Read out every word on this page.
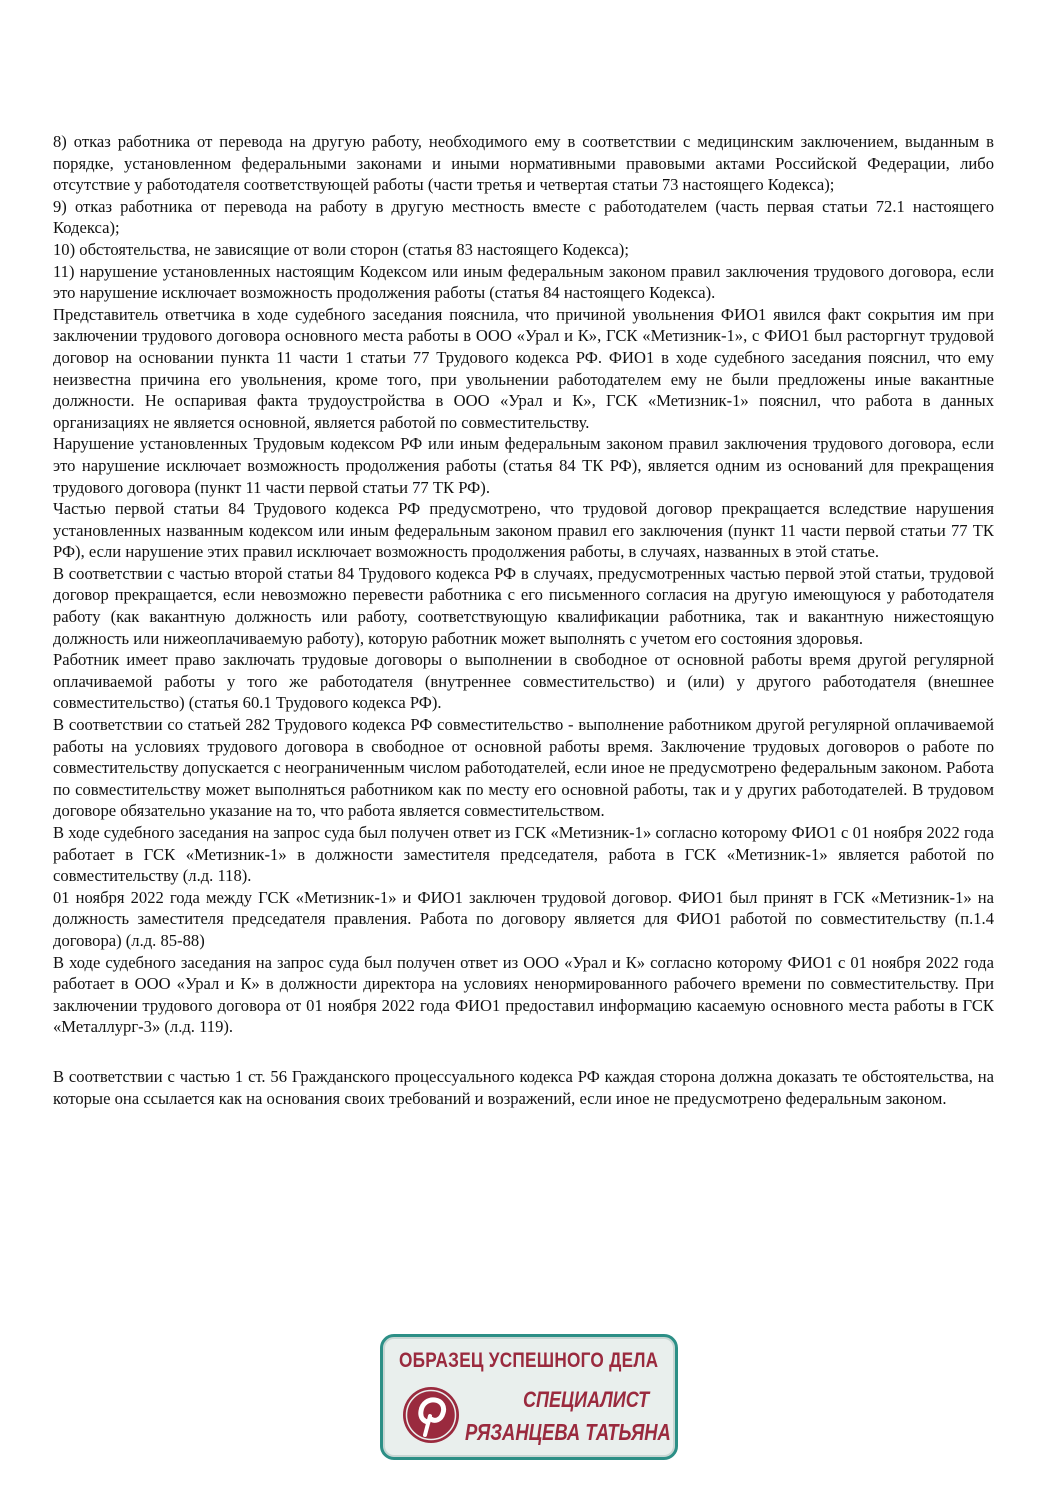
8) отказ работника от перевода на другую работу, необходимого ему в соответствии с медицинским заключением, выданным в порядке, установленном федеральными законами и иными нормативными правовыми актами Российской Федерации, либо отсутствие у работодателя соответствующей работы (части третья и четвертая статьи 73 настоящего Кодекса);

9) отказ работника от перевода на работу в другую местность вместе с работодателем (часть первая статьи 72.1 настоящего Кодекса);

10) обстоятельства, не зависящие от воли сторон (статья 83 настоящего Кодекса);

11) нарушение установленных настоящим Кодексом или иным федеральным законом правил заключения трудового договора, если это нарушение исключает возможность продолжения работы (статья 84 настоящего Кодекса).

Представитель ответчика в ходе судебного заседания пояснила, что причиной увольнения ФИО1 явился факт сокрытия им при заключении трудового договора основного места работы в ООО «Урал и К», ГСК «Метизник-1», с ФИО1 был расторгнут трудовой договор на основании пункта 11 части 1 статьи 77 Трудового кодекса РФ. ФИО1 в ходе судебного заседания пояснил, что ему неизвестна причина его увольнения, кроме того, при увольнении работодателем ему не были предложены иные вакантные должности. Не оспаривая факта трудоустройства в ООО «Урал и К», ГСК «Метизник-1» пояснил, что работа в данных организациях не является основной, является работой по совместительству.

Нарушение установленных Трудовым кодексом РФ или иным федеральным законом правил заключения трудового договора, если это нарушение исключает возможность продолжения работы (статья 84 ТК РФ), является одним из оснований для прекращения трудового договора (пункт 11 части первой статьи 77 ТК РФ).

Частью первой статьи 84 Трудового кодекса РФ предусмотрено, что трудовой договор прекращается вследствие нарушения установленных названным кодексом или иным федеральным законом правил его заключения (пункт 11 части первой статьи 77 ТК РФ), если нарушение этих правил исключает возможность продолжения работы, в случаях, названных в этой статье.

В соответствии с частью второй статьи 84 Трудового кодекса РФ в случаях, предусмотренных частью первой этой статьи, трудовой договор прекращается, если невозможно перевести работника с его письменного согласия на другую имеющуюся у работодателя работу (как вакантную должность или работу, соответствующую квалификации работника, так и вакантную нижестоящую должность или нижеоплачиваемую работу), которую работник может выполнять с учетом его состояния здоровья.

Работник имеет право заключать трудовые договоры о выполнении в свободное от основной работы время другой регулярной оплачиваемой работы у того же работодателя (внутреннее совместительство) и (или) у другого работодателя (внешнее совместительство) (статья 60.1 Трудового кодекса РФ).

В соответствии со статьей 282 Трудового кодекса РФ совместительство - выполнение работником другой регулярной оплачиваемой работы на условиях трудового договора в свободное от основной работы время. Заключение трудовых договоров о работе по совместительству допускается с неограниченным числом работодателей, если иное не предусмотрено федеральным законом. Работа по совместительству может выполняться работником как по месту его основной работы, так и у других работодателей. В трудовом договоре обязательно указание на то, что работа является совместительством.

В ходе судебного заседания на запрос суда был получен ответ из ГСК «Метизник-1» согласно которому ФИО1 с 01 ноября 2022 года работает в ГСК «Метизник-1» в должности заместителя председателя, работа в ГСК «Метизник-1» является работой по совместительству (л.д. 118).

01 ноября 2022 года между ГСК «Метизник-1» и ФИО1 заключен трудовой договор. ФИО1 был принят в ГСК «Метизник-1» на должность заместителя председателя правления. Работа по договору является для ФИО1 работой по совместительству (п.1.4 договора) (л.д. 85-88)

В ходе судебного заседания на запрос суда был получен ответ из ООО «Урал и К» согласно которому ФИО1 с 01 ноября 2022 года работает в ООО «Урал и К» в должности директора на условиях ненормированного рабочего времени по совместительству. При заключении трудового договора от 01 ноября 2022 года ФИО1 предоставил информацию касаемую основного места работы в ГСК «Металлург-3» (л.д. 119).

В соответствии с частью 1 ст. 56 Гражданского процессуального кодекса РФ каждая сторона должна доказать те обстоятельства, на которые она ссылается как на основания своих требований и возражений, если иное не предусмотрено федеральным законом.

ОБРАЗЕЦ УСПЕШНОГО ДЕЛА
СПЕЦИАЛИСТ
РЯЗАНЦЕВА ТАТЬЯНА
